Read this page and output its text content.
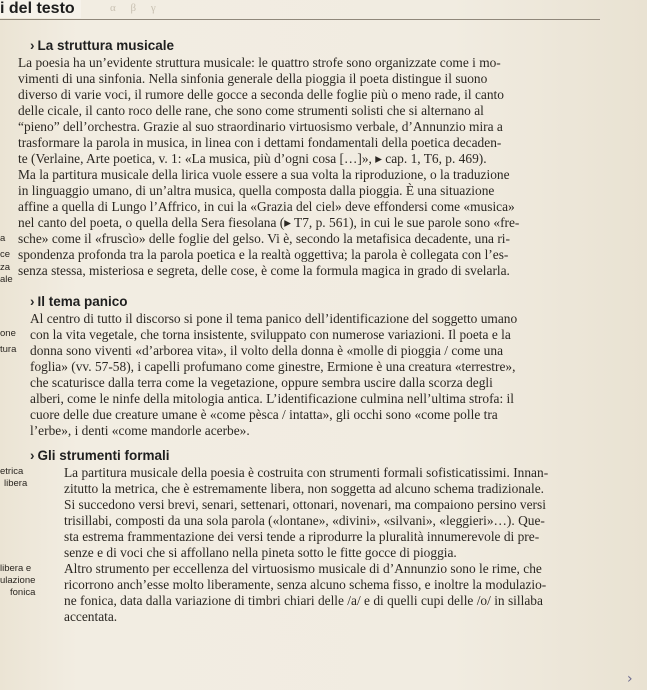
i del testo	α β γ
› La struttura musicale
La poesia ha un’evidente struttura musicale: le quattro strofe sono organizzate come i mo-
vimenti di una sinfonia. Nella sinfonia generale della pioggia il poeta distingue il suono
diverso di varie voci, il rumore delle gocce a seconda delle foglie più o meno rade, il canto
delle cicale, il canto roco delle rane, che sono come strumenti solisti che si alternano al
“pieno” dell’orchestra. Grazie al suo straordinario virtuosismo verbale, d’Annunzio mira a
trasformare la parola in musica, in linea con i dettami fondamentali della poetica decaden-
te (Verlaine, Arte poetica, v. 1: «La musica, più d’ogni cosa […]», ▸ cap. 1, T6, p. 469).
Ma la partitura musicale della lirica vuole essere a sua volta la riproduzione, o la traduzione
in linguaggio umano, di un’altra musica, quella composta dalla pioggia. È una situazione
affine a quella di Lungo l’Affrico, in cui la «Grazia del ciel» deve effondersi come «musica»
nel canto del poeta, o quella della Sera fiesolana (▸ T7, p. 561), in cui le sue parole sono «fre-
sche» come il «fruscìo» delle foglie del gelso. Vi è, secondo la metafisica decadente, una ri-
spondenza profonda tra la parola poetica e la realtà oggettiva; la parola è collegata con l’es-
senza stessa, misteriosa e segreta, delle cose, è come la formula magica in grado di svelarla.
a
ce
za
ale
› Il tema panico
Al centro di tutto il discorso si pone il tema panico dell’identificazione del soggetto umano
con la vita vegetale, che torna insistente, sviluppato con numerose variazioni. Il poeta e la
donna sono viventi «d’arborea vita», il volto della donna è «molle di pioggia / come una
foglia» (vv. 57-58), i capelli profumano come ginestre, Ermione è una creatura «terrestre»,
che scaturisce dalla terra come la vegetazione, oppure sembra uscire dalla scorza degli
alberi, come le ninfe della mitologia antica. L’identificazione culmina nell’ultima strofa: il
cuore delle due creature umane è «come pèsca / intatta», gli occhi sono «come polle tra
l’erbe», i denti «come mandorle acerbe».
one
tura
› Gli strumenti formali
La partitura musicale della poesia è costruita con strumenti formali sofisticatissimi. Innan-
zitutto la metrica, che è estremamente libera, non soggetta ad alcuno schema tradizionale.
Si succedono versi brevi, senari, settenari, ottonari, novenari, ma compaiono persino versi
trisillabi, composti da una sola parola («lontane», «divini», «silvani», «leggieri»…). Que-
sta estrema frammentazione dei versi tende a riprodurre la pluralità innumerevole di pre-
senze e di voci che si affollano nella pineta sotto le fitte gocce di pioggia.
Altro strumento per eccellenza del virtuosismo musicale di d’Annunzio sono le rime, che
ricorrono anch’esse molto liberamente, senza alcuno schema fisso, e inoltre la modulazio-
ne fonica, data dalla variazione di timbri chiari delle /a/ e di quelli cupi delle /o/ in sillaba
accentata.
etrica
libera
libera e
ulazione
fonica
›
